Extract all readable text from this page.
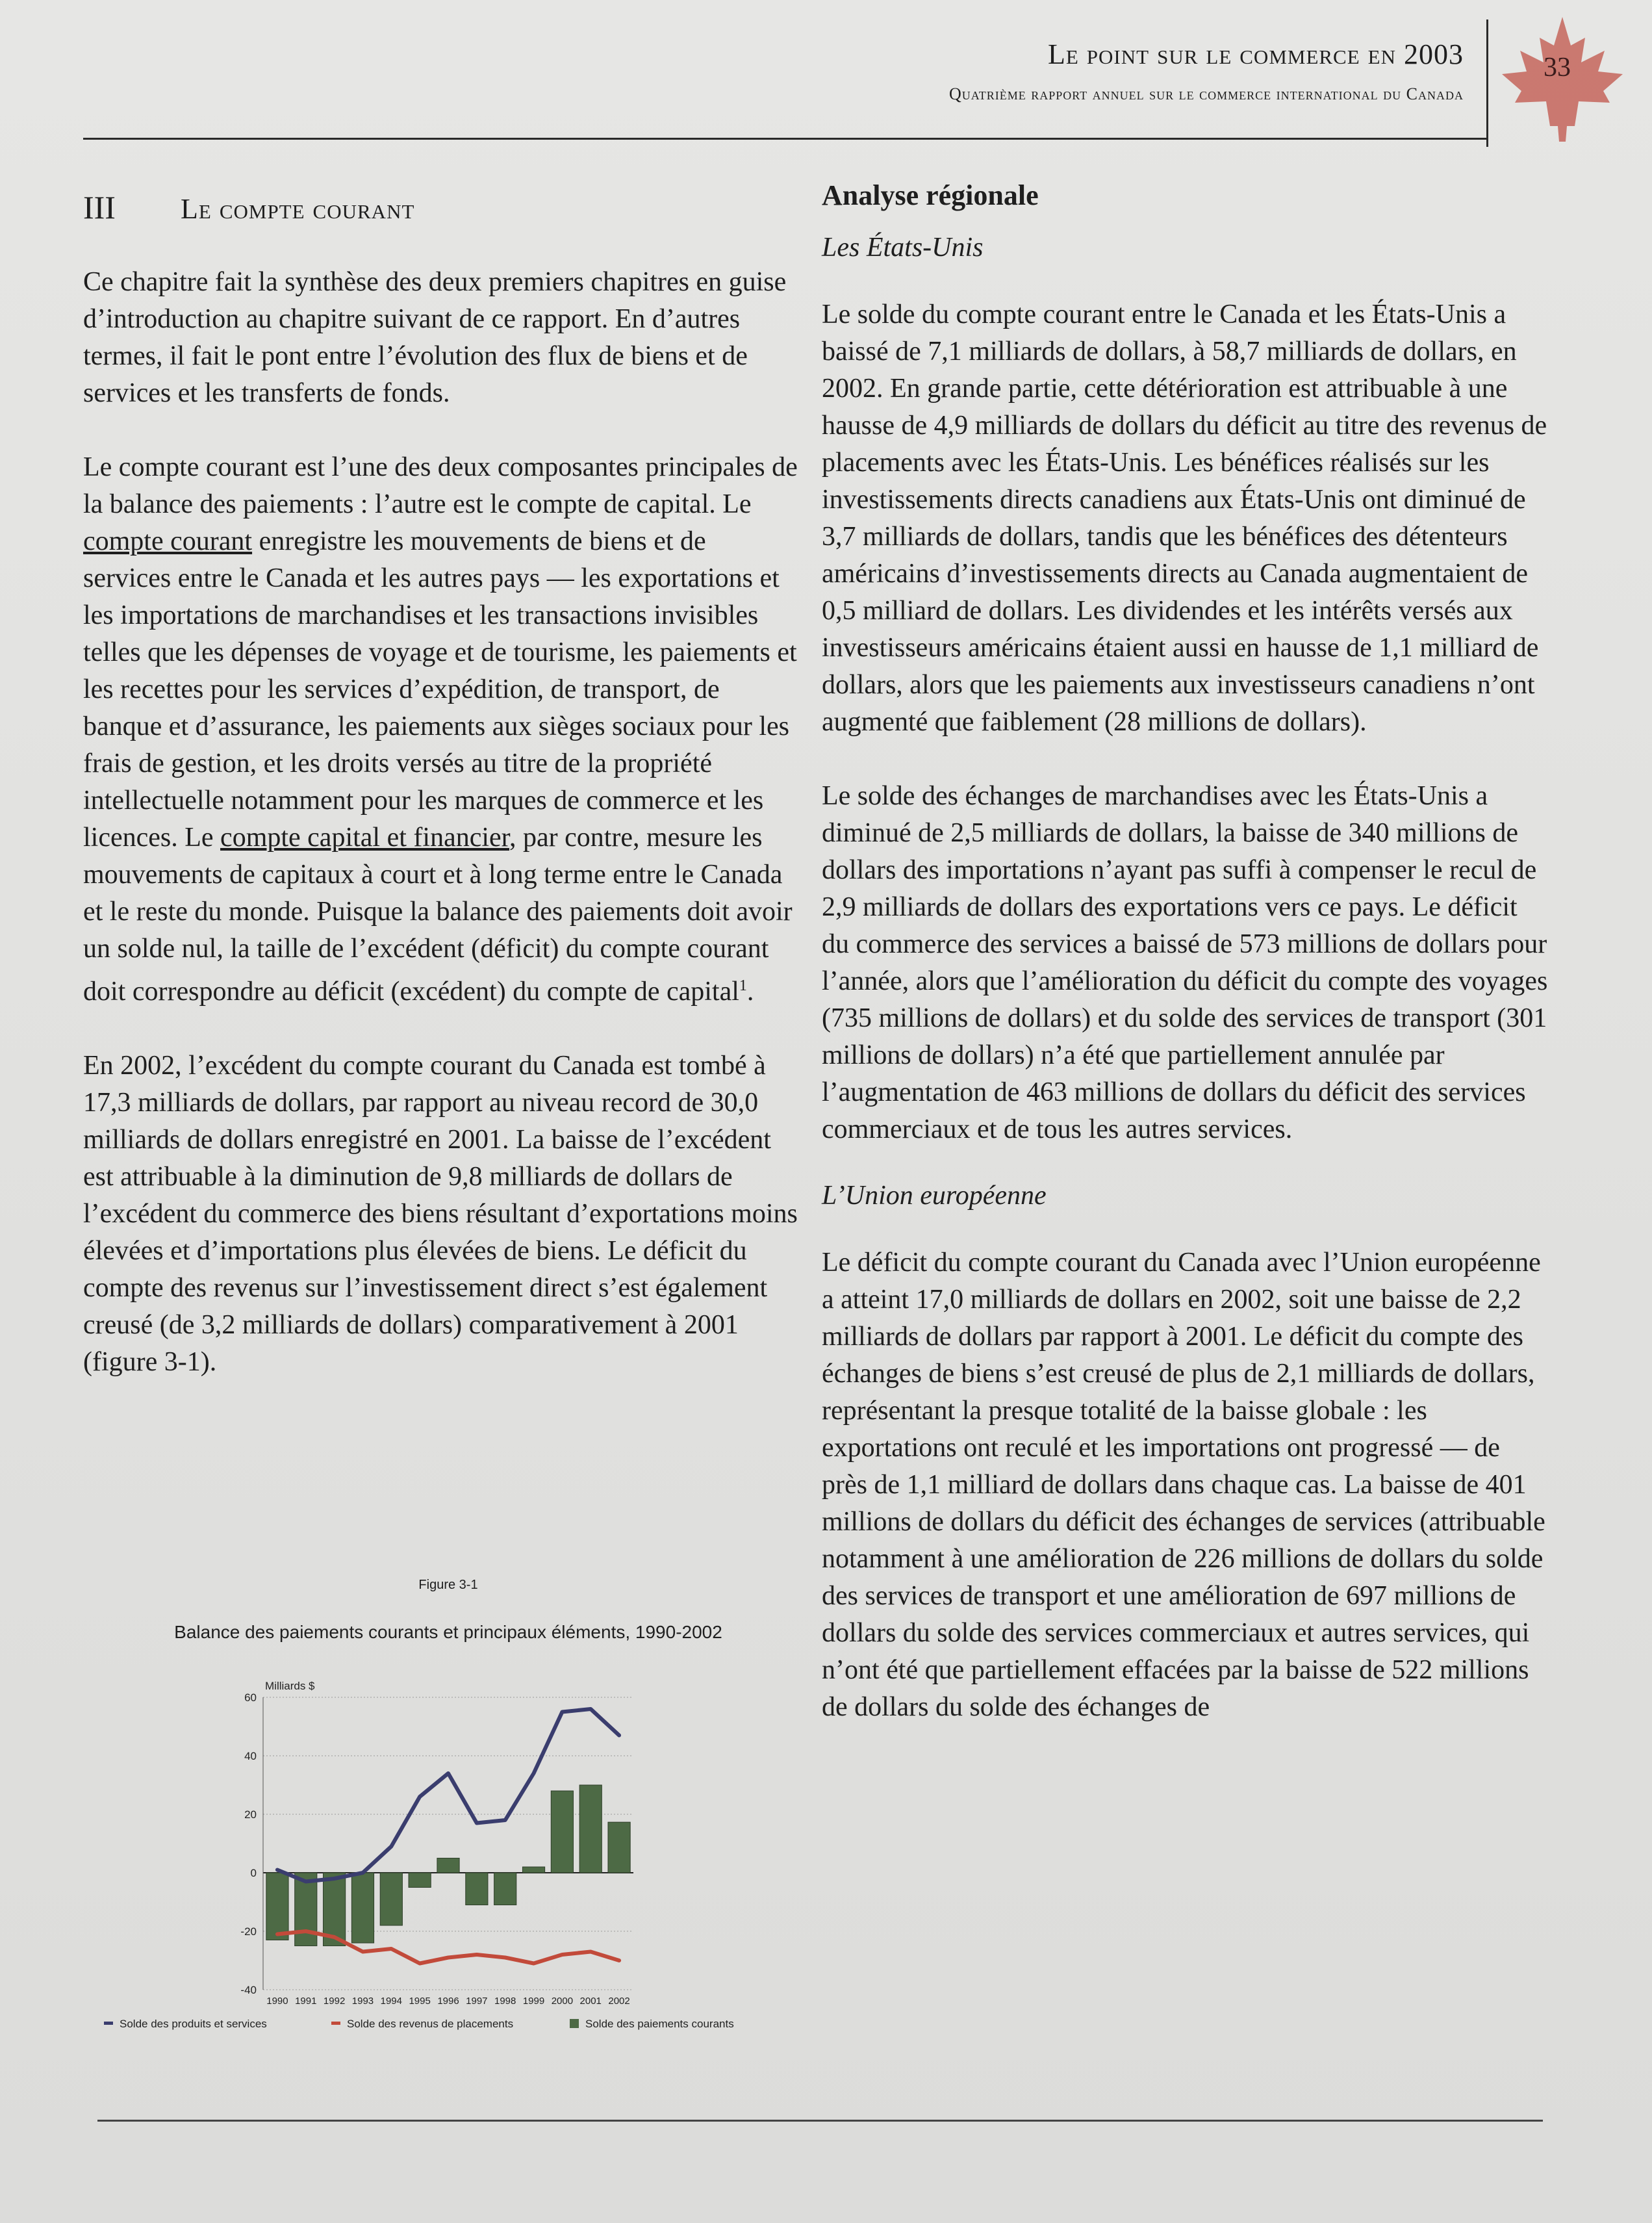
Le point sur le commerce en 2003
Quatrième rapport annuel sur le commerce international du Canada
33
III	Le compte courant

Ce chapitre fait la synthèse des deux premiers chapitres en guise d’introduction au chapitre suivant de ce rapport. En d’autres termes, il fait le pont entre l’évolution des flux de biens et de services et les transferts de fonds.

Le compte courant est l’une des deux composantes principales de la balance des paiements : l’autre est le compte de capital. Le compte courant enregistre les mouvements de biens et de services entre le Canada et les autres pays — les exportations et les importations de marchandises et les transactions invisibles telles que les dépenses de voyage et de tourisme, les paiements et les recettes pour les services d’expédition, de transport, de banque et d’assurance, les paiements aux sièges sociaux pour les frais de gestion, et les droits versés au titre de la propriété intellectuelle notamment pour les marques de commerce et les licences. Le compte capital et financier, par contre, mesure les mouvements de capitaux à court et à long terme entre le Canada et le reste du monde. Puisque la balance des paiements doit avoir un solde nul, la taille de l’excédent (déficit) du compte courant doit correspondre au déficit (excédent) du compte de capital$^1$.

En 2002, l’excédent du compte courant du Canada est tombé à 17,3 milliards de dollars, par rapport au niveau record de 30,0 milliards de dollars enregistré en 2001. La baisse de l’excédent est attribuable à la diminution de 9,8 milliards de dollars de l’excédent du commerce des biens résultant d’exportations moins élevées et d’importations plus élevées de biens. Le déficit du compte des revenus sur l’investissement direct s’est également creusé (de 3,2 milliards de dollars) comparativement à 2001 (figure 3-1).

Figure 3-1
Balance des paiements courants et principaux éléments, 1990-2002
Milliards $
-40
-20
0
20
40
60
1990 1991 1992 1993 1994 1995 1996 1997 1998 1999 2000 2001 2002
Solde des produits et services	Solde des revenus de placements	Solde des paiements courants

Analyse régionale

Les États-Unis

Le solde du compte courant entre le Canada et les États-Unis a baissé de 7,1 milliards de dollars, à 58,7 milliards de dollars, en 2002. En grande partie, cette détérioration est attribuable à une hausse de 4,9 milliards de dollars du déficit au titre des revenus de placements avec les États-Unis. Les bénéfices réalisés sur les investissements directs canadiens aux États-Unis ont diminué de 3,7 milliards de dollars, tandis que les bénéfices des détenteurs américains d’investissements directs au Canada augmentaient de 0,5 milliard de dollars. Les dividendes et les intérêts versés aux investisseurs américains étaient aussi en hausse de 1,1 milliard de dollars, alors que les paiements aux investisseurs canadiens n’ont augmenté que faiblement (28 millions de dollars).

Le solde des échanges de marchandises avec les États-Unis a diminué de 2,5 milliards de dollars, la baisse de 340 millions de dollars des importations n’ayant pas suffi à compenser le recul de 2,9 milliards de dollars des exportations vers ce pays. Le déficit du commerce des services a baissé de 573 millions de dollars pour l’année, alors que l’amélioration du déficit du compte des voyages (735 millions de dollars) et du solde des services de transport (301 millions de dollars) n’a été que partiellement annulée par l’augmentation de 463 millions de dollars du déficit des services commerciaux et de tous les autres services.

L’Union européenne

Le déficit du compte courant du Canada avec l’Union européenne a atteint 17,0 milliards de dollars en 2002, soit une baisse de 2,2 milliards de dollars par rapport à 2001. Le déficit du compte des échanges de biens s’est creusé de plus de 2,1 milliards de dollars, représentant la presque totalité de la baisse globale : les exportations ont reculé et les importations ont progressé — de près de 1,1 milliard de dollars dans chaque cas. La baisse de 401 millions de dollars du déficit des échanges de services (attribuable notamment à une amélioration de 226 millions de dollars du solde des services de transport et une amélioration de 697 millions de dollars du solde des services commerciaux et autres services, qui n’ont été que partiellement effacées par la baisse de 522 millions de dollars du solde des échanges de
